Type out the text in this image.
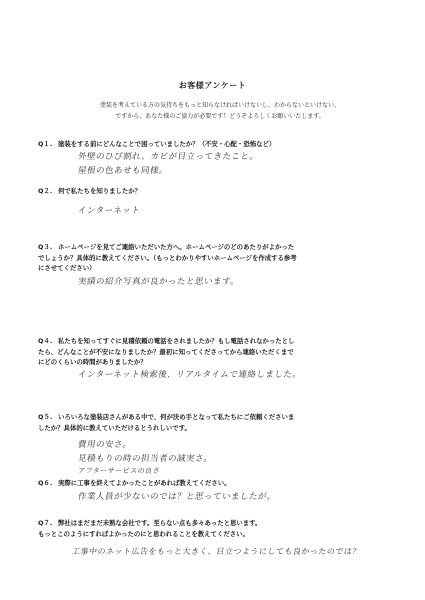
お客様アンケート
塗装を考えている方の気持ちをもっと知らなければいけないし、わからないといけない。
ですから、あなた様のご協力が必要です！どうぞよろしくお願いいたします。
Q１. 塗装をする前にどんなことで困っていましたか？（不安・心配・恐怖など）
外壁のひび割れ、カビが目立ってきたこと。
屋根の色あせも同様。
Q２. 何で私たちを知りましたか？
インターネット
Q３. ホームページを見てご連絡いただいた方へ。ホームページのどのあたりがよかった
でしょうか？具体的に教えてください。（もっとわかりやすいホームページを作成する参考
にさせてください）
実績の紹介写真が良かったと思います。
Q４. 私たちを知ってすぐに見積依頼の電話をされましたか？もし電話されなかったとし
たら、どんなことが不安になりましたか？最初に知ってくださってから連絡いただくまで
にどのくらいの時間がありましたか？
インターネット検索後、リアルタイムで連絡しました。
Q５. いろいろな塗装店さんがある中で、何が決め手となって私たちにご依頼くださいま
したか？具体的に教えていただけるとうれしいです。
費用の安さ。
見積もりの時の担当者の誠実さ。
アフターサービスの良さ
Q６. 実際に工事を終えてよかったことがあれば教えてください。
作業人員が少ないのでは？と思っていましたが。
Q７. 弊社はまだまだ未熟な会社です。至らない点も多々あったと思います。
もっとこのようにすればよかったのにと思われることを教えてください。
工事中のネット広告をもっと大きく、目立つようにしても良かったのでは？
